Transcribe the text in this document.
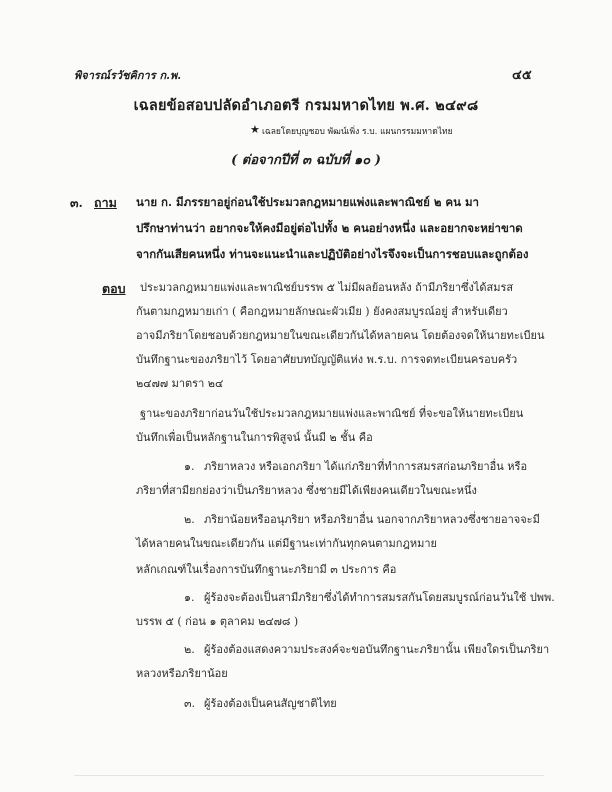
พิจารณ์รวัชคิการ ก.พ.	๔๕
เฉลยข้อสอบปลัดอำเภอตรี กรมมหาดไทย พ.ศ. ๒๔๙๘
★ เฉลยโดยบุญชอบ พัฒน์เพิ่ง ร.บ. แผนกรรมมหาดไทย
( ต่อจากปีที่ ๓ ฉบับที่ ๑๐ )
๓. ถาม นาย ก. มีภรรยาอยู่ก่อนใช้ประมวลกฎหมายแพ่งและพาณิชย์ ๒ คน มา
ปรึกษาท่านว่า อยากจะให้คงมีอยู่ต่อไปทั้ง ๒ คนอย่างหนึ่ง และอยากจะหย่าขาด
จากกันเสียคนหนึ่ง ท่านจะแนะนำและปฏิบัติอย่างไรจึงจะเป็นการชอบและถูกต้อง
ตอบ ประมวลกฎหมายแพ่งและพาณิชย์บรรพ ๕ ไม่มีผลย้อนหลัง ถ้ามีภริยาซึ่งได้สมรส
กันตามกฎหมายเก่า ( คือกฎหมายลักษณะผัวเมีย ) ยังคงสมบูรณ์อยู่ สำหรับเดียว
อาจมีภริยาโดยชอบด้วยกฎหมายในขณะเดียวกันได้หลายคน โดยต้องจดให้นายทะเบียน
บันทึกฐานะของภริยาไว้ โดยอาศัยบทบัญญัติแห่ง พ.ร.บ. การจดทะเบียนครอบครัว
๒๔๗๗ มาตรา ๒๔
ฐานะของภริยาก่อนวันใช้ประมวลกฎหมายแพ่งและพาณิชย์ ที่จะขอให้นายทะเบียน
บันทึกเพื่อเป็นหลักฐานในการพิสูจน์ นั้นมี ๒ ชั้น คือ
๑. ภริยาหลวง หรือเอกภริยา ได้แก่ภริยาที่ทำการสมรสก่อนภริยาอื่น หรือ
ภริยาที่สามียกย่องว่าเป็นภริยาหลวง ซึ่งชายมีได้เพียงคนเดียวในขณะหนึ่ง
๒. ภริยาน้อยหรืออนุภริยา หรือภริยาอื่น นอกจากภริยาหลวงซึ่งชายอาจจะมี
ได้หลายคนในขณะเดียวกัน แต่มีฐานะเท่ากันทุกคนตามกฎหมาย
หลักเกณฑ์ในเรื่องการบันทึกฐานะภริยามี ๓ ประการ คือ
๑. ผู้ร้องจะต้องเป็นสามีภริยาซึ่งได้ทำการสมรสกันโดยสมบูรณ์ก่อนวันใช้ ปพพ.
บรรพ ๕ ( ก่อน ๑ ตุลาคม ๒๔๗๘ )
๒. ผู้ร้องต้องแสดงความประสงค์จะขอบันทึกฐานะภริยานั้น เพียงใดรเป็นภริยา
หลวงหรือภริยาน้อย
๓. ผู้ร้องต้องเป็นคนสัญชาติไทย
